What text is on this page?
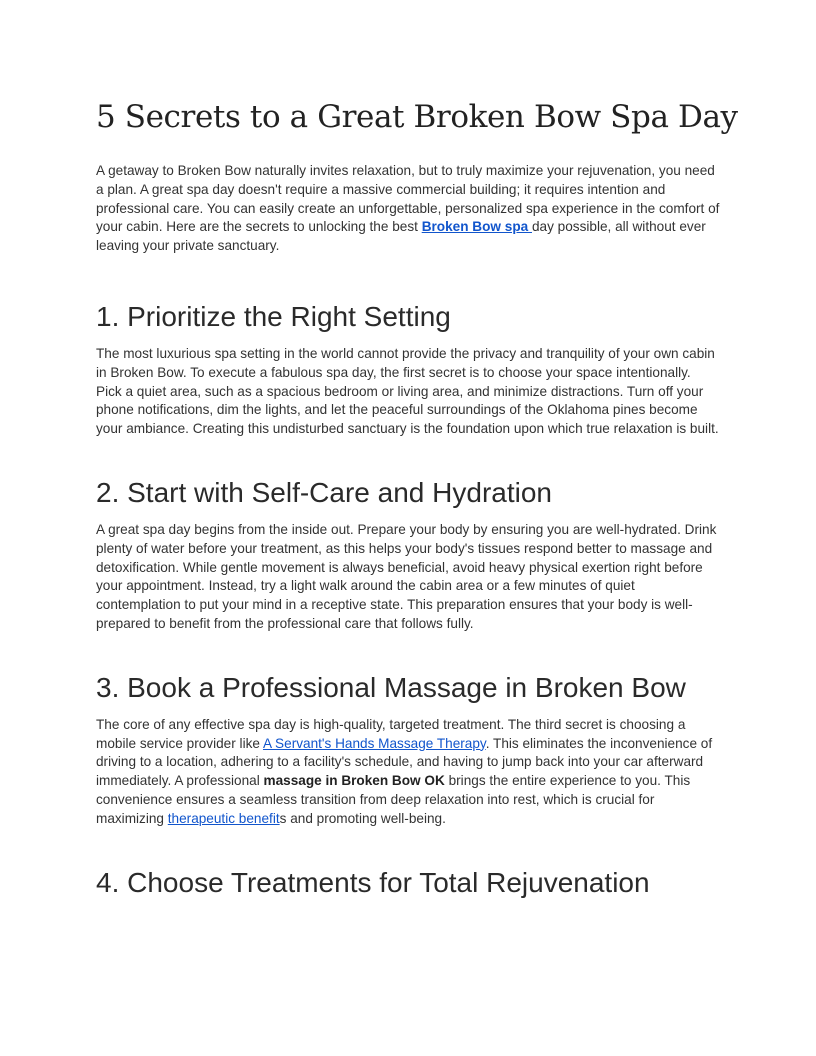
5 Secrets to a Great Broken Bow Spa Day

A getaway to Broken Bow naturally invites relaxation, but to truly maximize your rejuvenation, you need a plan. A great spa day doesn't require a massive commercial building; it requires intention and professional care. You can easily create an unforgettable, personalized spa experience in the comfort of your cabin. Here are the secrets to unlocking the best Broken Bow spa day possible, all without ever leaving your private sanctuary.

1. Prioritize the Right Setting

The most luxurious spa setting in the world cannot provide the privacy and tranquility of your own cabin in Broken Bow. To execute a fabulous spa day, the first secret is to choose your space intentionally. Pick a quiet area, such as a spacious bedroom or living area, and minimize distractions. Turn off your phone notifications, dim the lights, and let the peaceful surroundings of the Oklahoma pines become your ambiance. Creating this undisturbed sanctuary is the foundation upon which true relaxation is built.

2. Start with Self-Care and Hydration

A great spa day begins from the inside out. Prepare your body by ensuring you are well-hydrated. Drink plenty of water before your treatment, as this helps your body's tissues respond better to massage and detoxification. While gentle movement is always beneficial, avoid heavy physical exertion right before your appointment. Instead, try a light walk around the cabin area or a few minutes of quiet contemplation to put your mind in a receptive state. This preparation ensures that your body is well-prepared to benefit from the professional care that follows fully.

3. Book a Professional Massage in Broken Bow

The core of any effective spa day is high-quality, targeted treatment. The third secret is choosing a mobile service provider like A Servant's Hands Massage Therapy. This eliminates the inconvenience of driving to a location, adhering to a facility's schedule, and having to jump back into your car afterward immediately. A professional massage in Broken Bow OK brings the entire experience to you. This convenience ensures a seamless transition from deep relaxation into rest, which is crucial for maximizing therapeutic benefits and promoting well-being.

4. Choose Treatments for Total Rejuvenation
